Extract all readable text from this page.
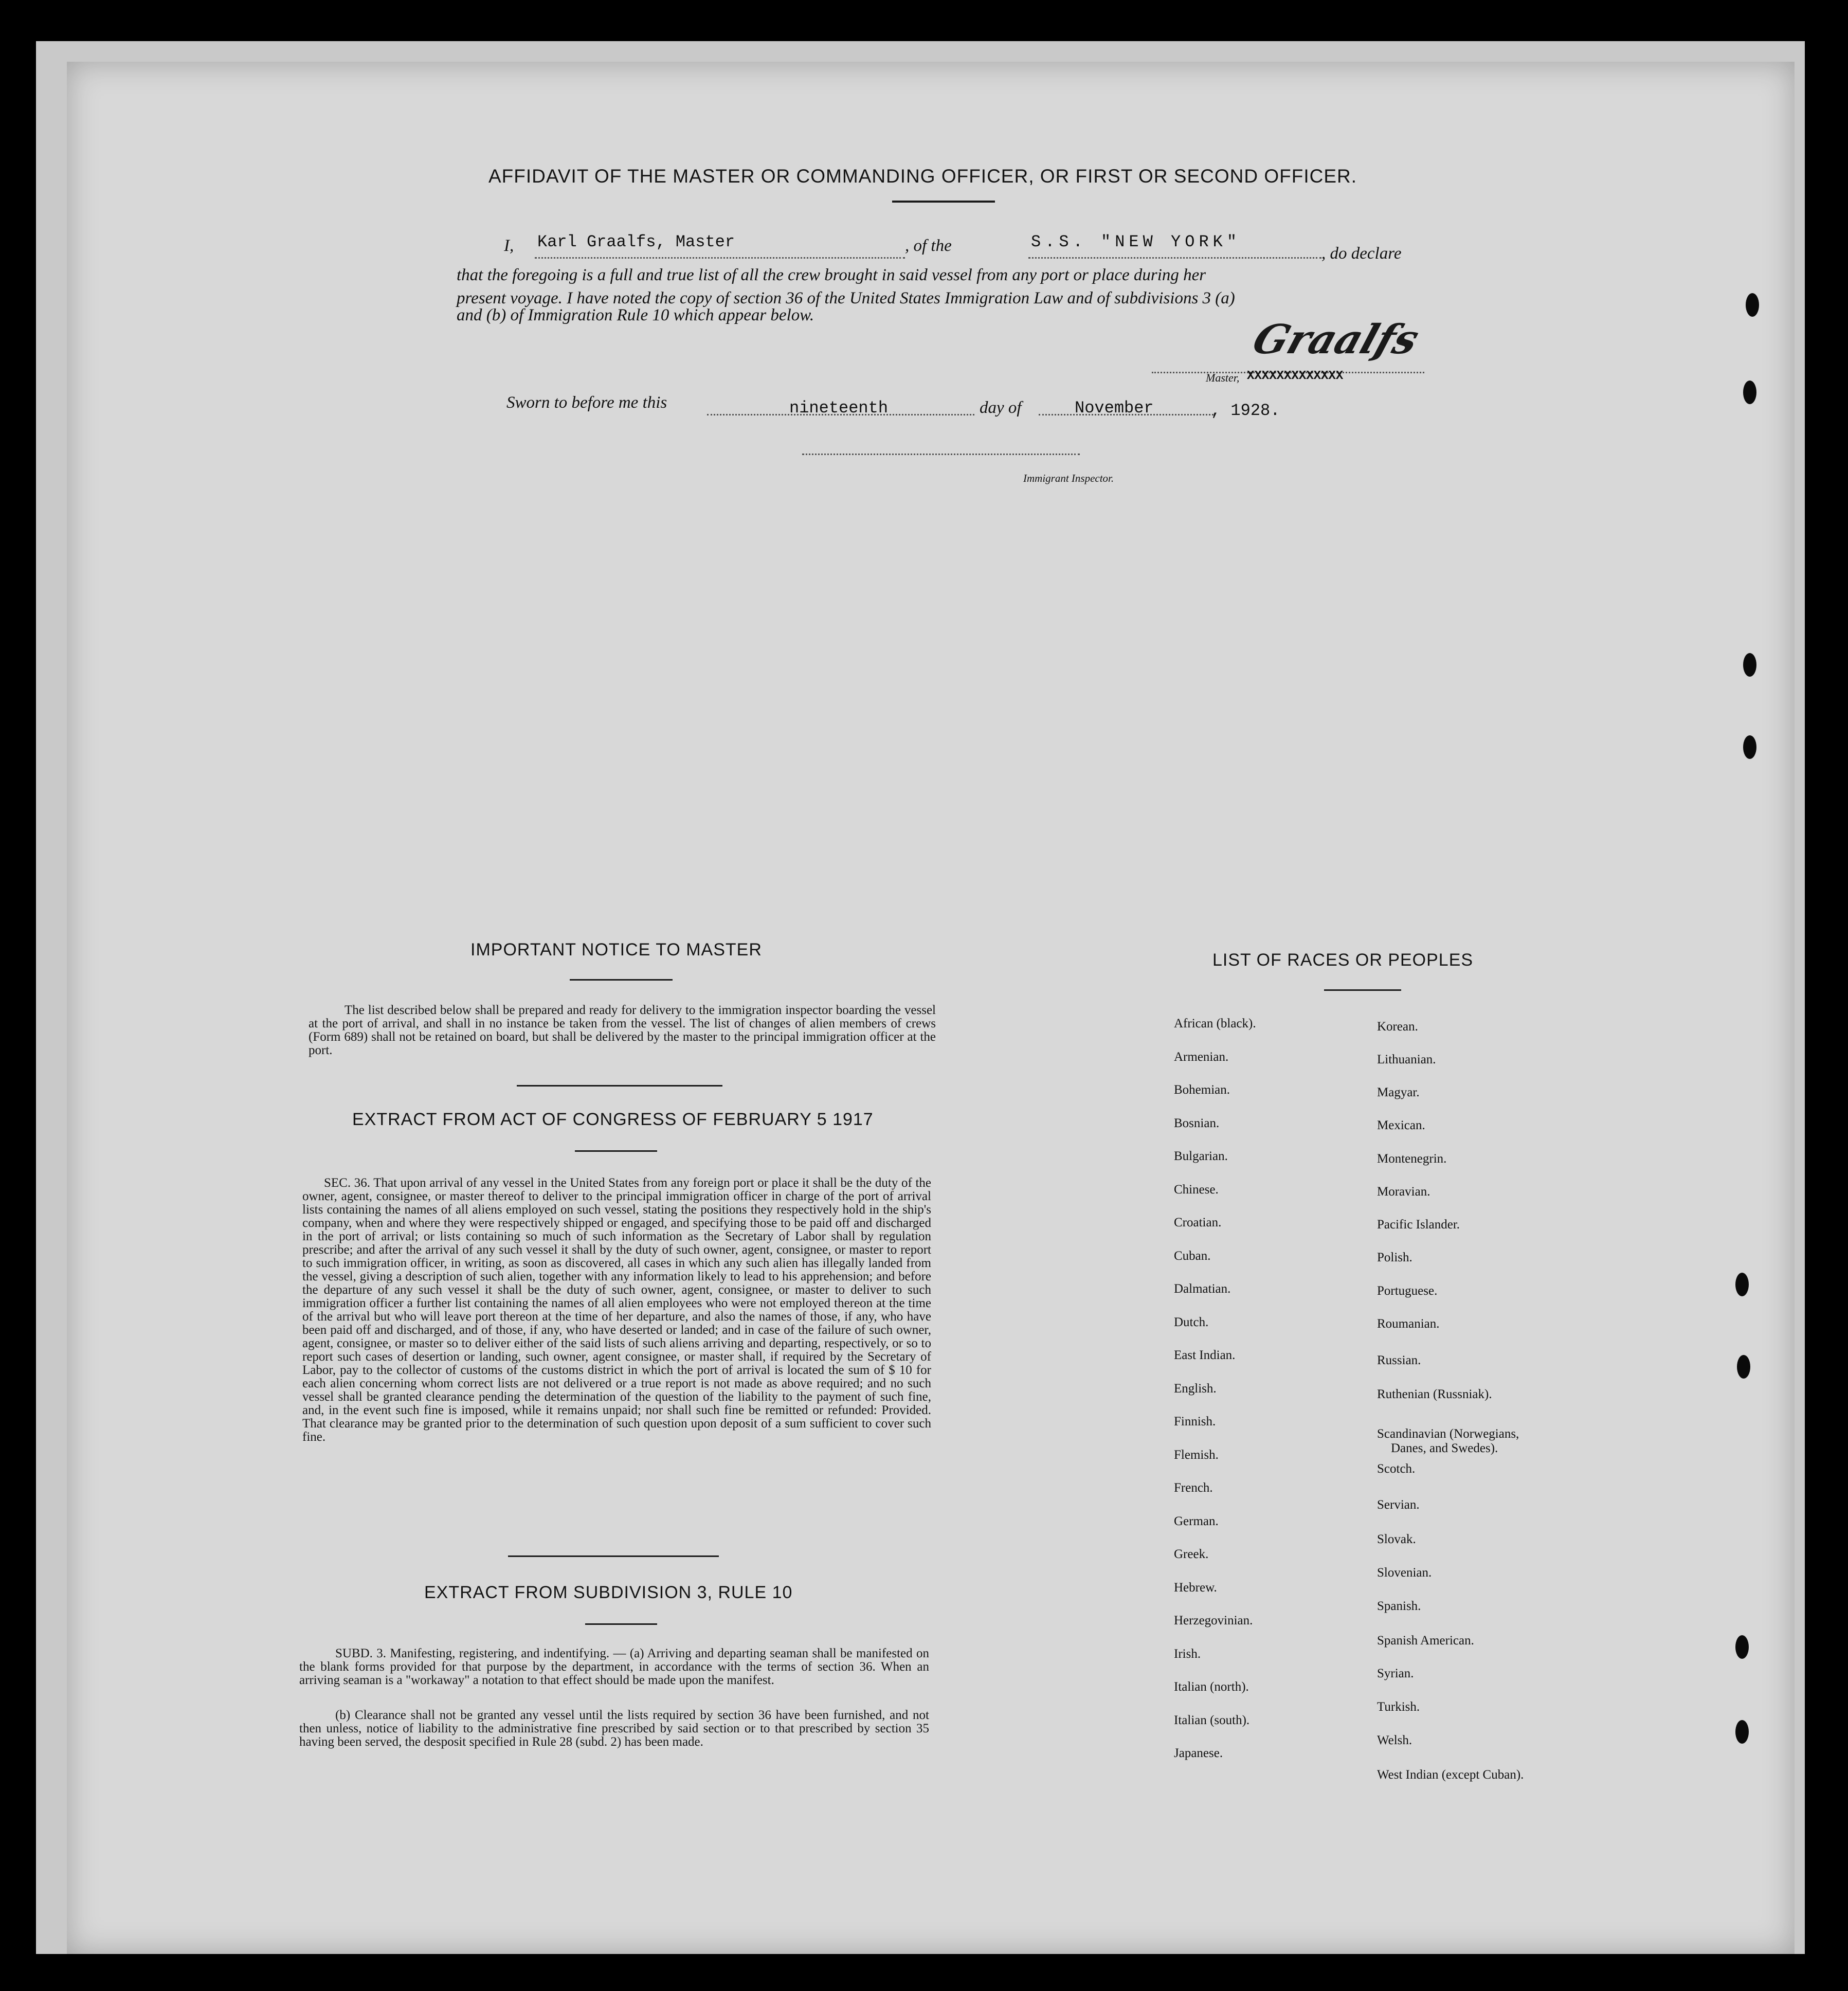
AFFIDAVIT OF THE MASTER OR COMMANDING OFFICER, OR FIRST OR SECOND OFFICER.
I, Karl Graalfs, Master	, of the	S.S. "NEW YORK"
, do declare
that the foregoing is a full and true list of all the crew brought in said vessel from any port or place during her
present voyage. I have noted the copy of section 36 of the United States Immigration Law and of subdivisions 3 (a)
and (b) of Immigration Rule 10 which appear below.
Graalfs
Master, XXXXXXXXXXXXX
Sworn to before me this	nineteenth	day of	November	, 1928.
Immigrant Inspector.
IMPORTANT NOTICE TO MASTER
The list described below shall be prepared and ready for delivery to the immigration inspector boarding the vessel at the port of arrival, and shall in no instance be taken from the vessel. The list of changes of alien members of crews (Form 689) shall not be retained on board, but shall be delivered by the master to the principal immigration officer at the port.
EXTRACT FROM ACT OF CONGRESS OF FEBRUARY 5 1917
SEC. 36. That upon arrival of any vessel in the United States from any foreign port or place it shall be the duty of the owner, agent, consignee, or master thereof to deliver to the principal immigration officer in charge of the port of arrival lists containing the names of all aliens employed on such vessel, stating the positions they respectively hold in the ship's company, when and where they were respectively shipped or engaged, and specifying those to be paid off and discharged in the port of arrival; or lists containing so much of such information as the Secretary of Labor shall by regulation prescribe; and after the arrival of any such vessel it shall by the duty of such owner, agent, consignee, or master to report to such immigration officer, in writing, as soon as discovered, all cases in which any such alien has illegally landed from the vessel, giving a description of such alien, together with any information likely to lead to his apprehension; and before the departure of any such vessel it shall be the duty of such owner, agent, consignee, or master to deliver to such immigration officer a further list containing the names of all alien employees who were not employed thereon at the time of the arrival but who will leave port thereon at the time of her departure, and also the names of those, if any, who have been paid off and discharged, and of those, if any, who have deserted or landed; and in case of the failure of such owner, agent, consignee, or master so to deliver either of the said lists of such aliens arriving and departing, respectively, or so to report such cases of desertion or landing, such owner, agent consignee, or master shall, if required by the Secretary of Labor, pay to the collector of customs of the customs district in which the port of arrival is located the sum of $ 10 for each alien concerning whom correct lists are not delivered or a true report is not made as above required; and no such vessel shall be granted clearance pending the determination of the question of the liability to the payment of such fine, and, in the event such fine is imposed, while it remains unpaid; nor shall such fine be remitted or refunded: Provided. That clearance may be granted prior to the determination of such question upon deposit of a sum sufficient to cover such fine.
EXTRACT FROM SUBDIVISION 3, RULE 10
SUBD. 3. Manifesting, registering, and indentifying. — (a) Arriving and departing seaman shall be manifested on the blank forms provided for that purpose by the department, in accordance with the terms of section 36. When an arriving seaman is a "workaway" a notation to that effect should be made upon the manifest.
(b) Clearance shall not be granted any vessel until the lists required by section 36 have been furnished, and not then unless, notice of liability to the administrative fine prescribed by said section or to that prescribed by section 35 having been served, the desposit specified in Rule 28 (subd. 2) has been made.
LIST OF RACES OR PEOPLES
African (black).
Armenian.
Bohemian.
Bosnian.
Bulgarian.
Chinese.
Croatian.
Cuban.
Dalmatian.
Dutch.
East Indian.
English.
Finnish.
Flemish.
French.
German.
Greek.
Hebrew.
Herzegovinian.
Irish.
Italian (north).
Italian (south).
Japanese.
Korean.
Lithuanian.
Magyar.
Mexican.
Montenegrin.
Moravian.
Pacific Islander.
Polish.
Portuguese.
Roumanian.
Russian.
Ruthenian (Russniak).
Scandinavian (Norwegians,
Danes, and Swedes).
Scotch.
Servian.
Slovak.
Slovenian.
Spanish.
Spanish American.
Syrian.
Turkish.
Welsh.
West Indian (except Cuban).
